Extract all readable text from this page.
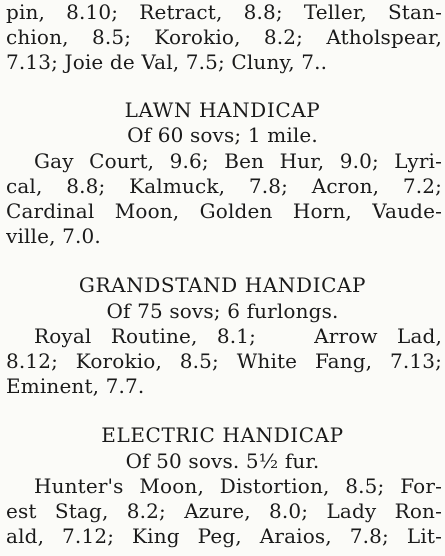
pin, 8.10; Retract, 8.8; Teller, Stan-
chion, 8.5; Korokio, 8.2; Atholspear,
7.13; Joie de Val, 7.5; Cluny, 7..
LAWN HANDICAP
Of 60 sovs; 1 mile.
Gay Court, 9.6; Ben Hur, 9.0; Lyri-
cal, 8.8; Kalmuck, 7.8; Acron, 7.2;
Cardinal Moon, Golden Horn, Vaude-
ville, 7.0.
GRANDSTAND HANDICAP
Of 75 sovs; 6 furlongs.
Royal Routine, 8.1;   Arrow Lad,
8.12; Korokio, 8.5; White Fang, 7.13;
Eminent, 7.7.
ELECTRIC HANDICAP
Of 50 sovs. 5½ fur.
Hunter's Moon, Distortion, 8.5; For-
est Stag, 8.2; Azure, 8.0; Lady Ron-
ald, 7.12; King Peg, Araios, 7.8; Lit-
